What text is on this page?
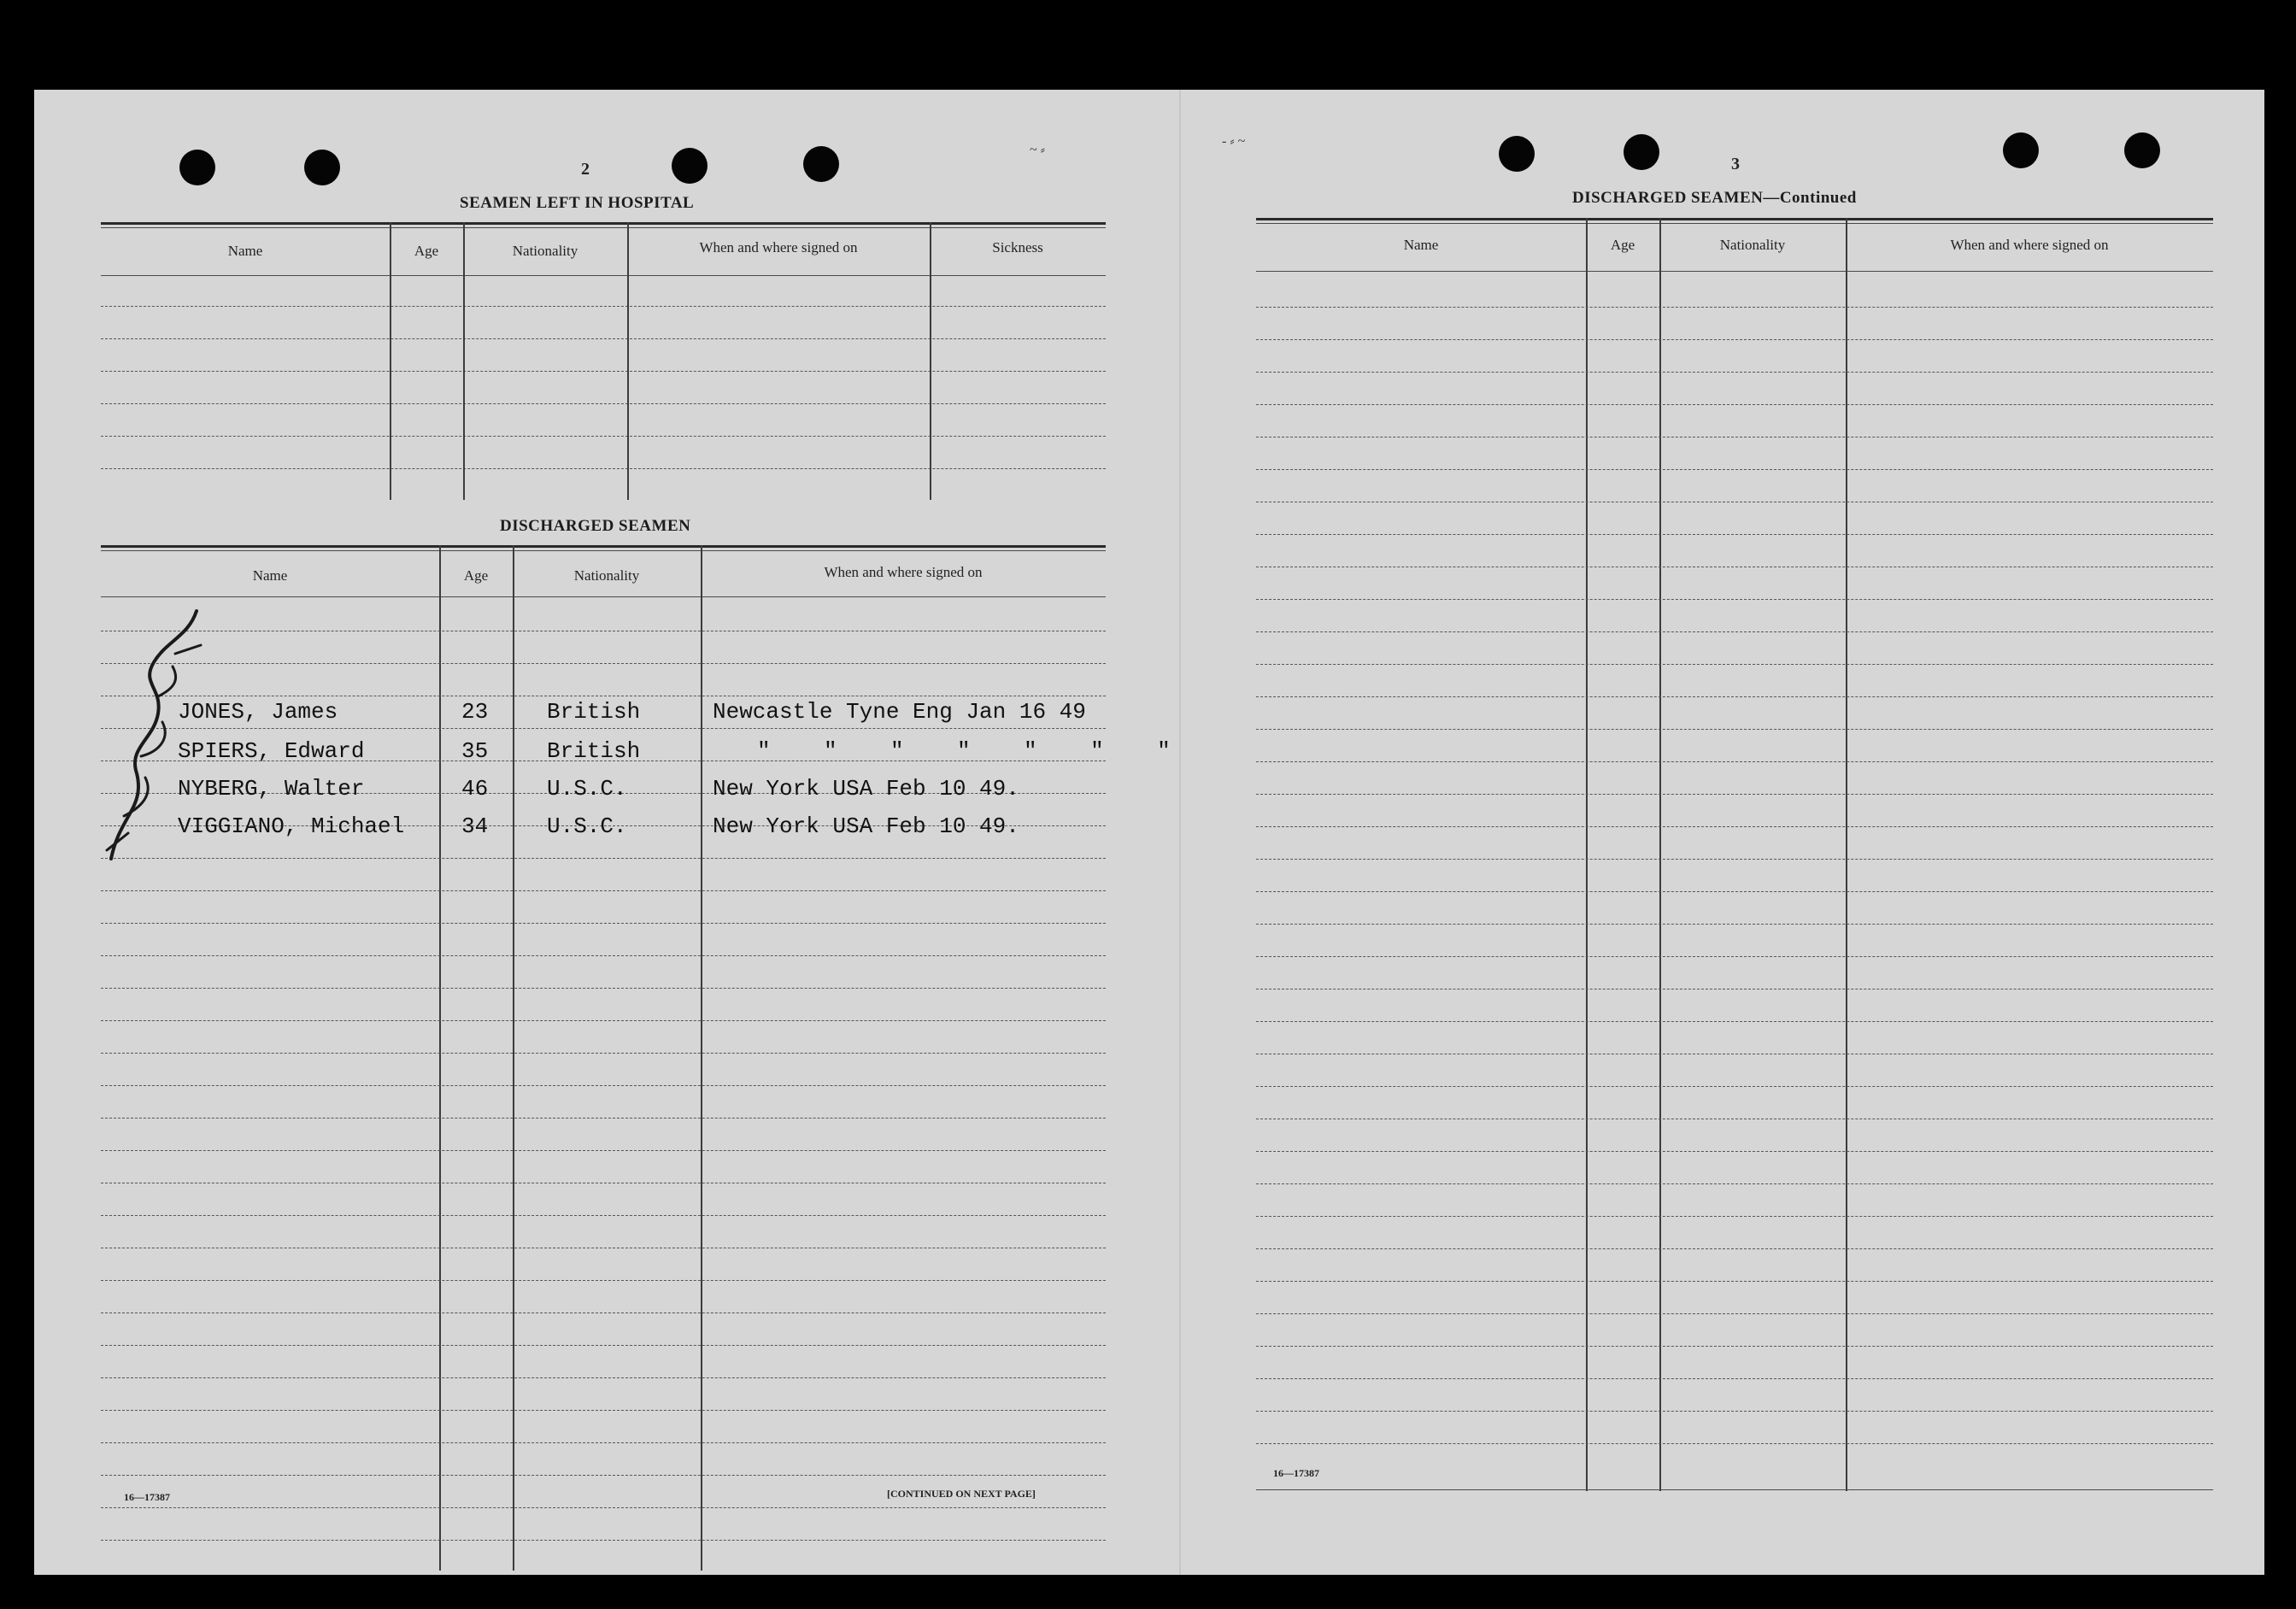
~ ⸗
- ⸗ ~
2
SEAMEN LEFT IN HOSPITAL
Name	Age	Nationality	When and where signed on	Sickness
DISCHARGED SEAMEN
Name	Age	Nationality	When and where signed on
JONES, James	23	British	Newcastle Tyne Eng Jan 16 49
SPIERS, Edward	35	British	"    "    "    "    "    "    "
NYBERG, Walter	46	U.S.C.	New York USA Feb 10 49.
VIGGIANO, Michael	34	U.S.C.	New York USA Feb 10 49.
16—17387	[CONTINUED ON NEXT PAGE]
3
DISCHARGED SEAMEN—Continued
Name	Age	Nationality	When and where signed on
16—17387
